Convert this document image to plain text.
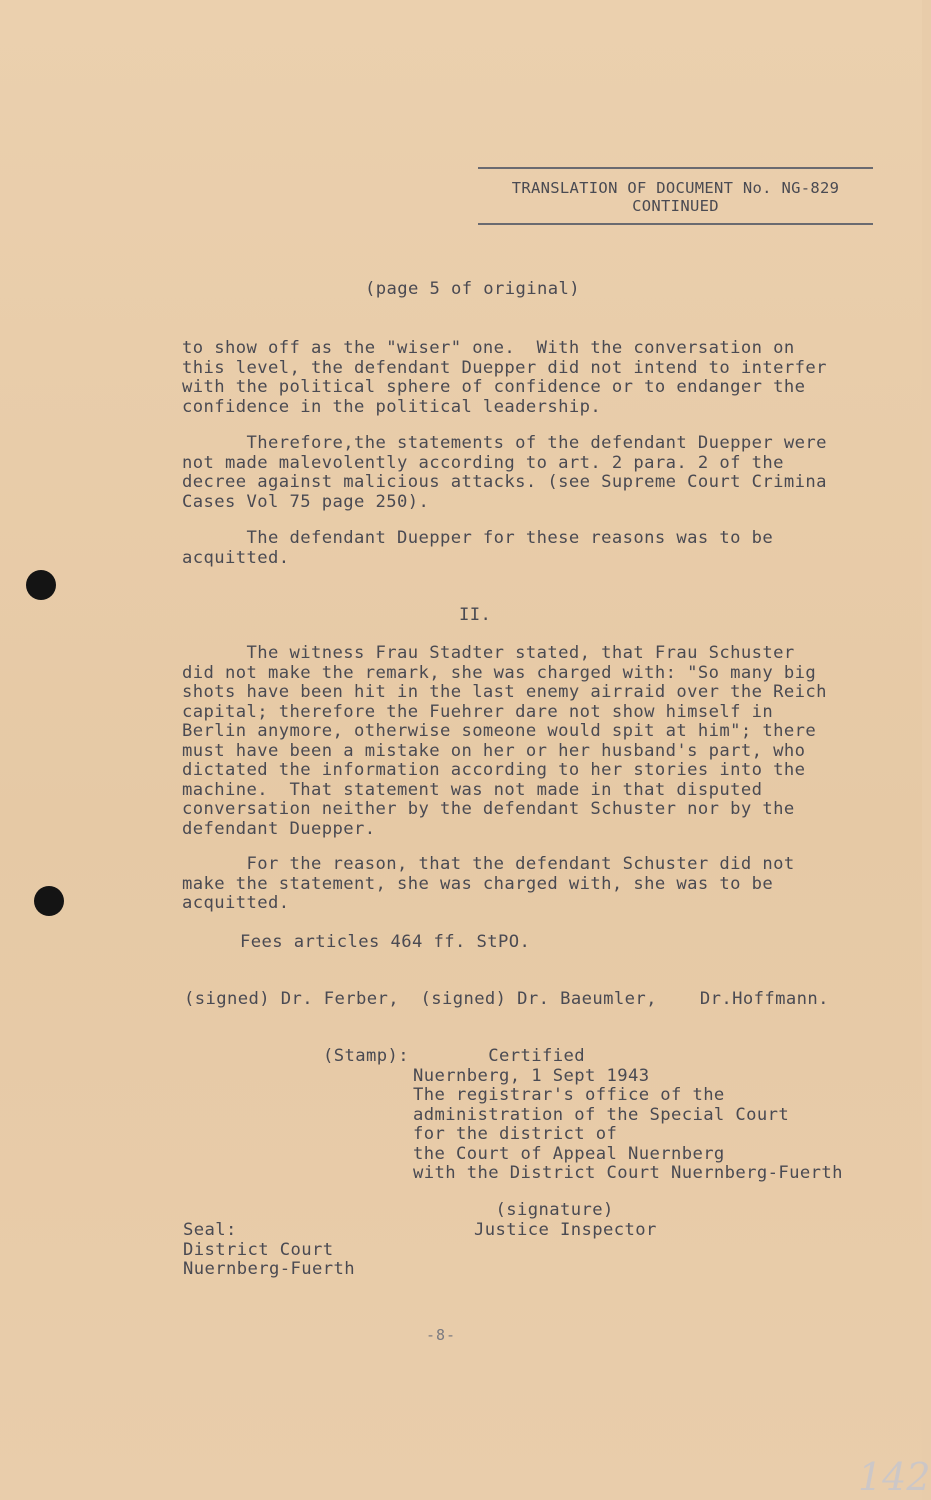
TRANSLATION OF DOCUMENT No. NG-829
CONTINUED
(page 5 of original)
to show off as the "wiser" one.  With the conversation on
this level, the defendant Duepper did not intend to interfer
with the political sphere of confidence or to endanger the
confidence in the political leadership.
Therefore,the statements of the defendant Duepper were
not made malevolently according to art. 2 para. 2 of the
decree against malicious attacks. (see Supreme Court Crimina
Cases Vol 75 page 250).
The defendant Duepper for these reasons was to be
acquitted.
II.
The witness Frau Stadter stated, that Frau Schuster
did not make the remark, she was charged with: "So many big
shots have been hit in the last enemy airraid over the Reich
capital; therefore the Fuehrer dare not show himself in
Berlin anymore, otherwise someone would spit at him"; there
must have been a mistake on her or her husband's part, who
dictated the information according to her stories into the
machine.  That statement was not made in that disputed
conversation neither by the defendant Schuster nor by the
defendant Duepper.
For the reason, that the defendant Schuster did not
make the statement, she was charged with, she was to be
acquitted.
Fees articles 464 ff. StPO.
(signed) Dr. Ferber,  (signed) Dr. Baeumler,    Dr.Hoffmann.
(Stamp):	Certified
Nuernberg, 1 Sept 1943
The registrar's office of the
administration of the Special Court
for the district of
the Court of Appeal Nuernberg
with the District Court Nuernberg-Fuerth
(signature)
Justice Inspector
Seal:
District Court
Nuernberg-Fuerth
-8-
142
